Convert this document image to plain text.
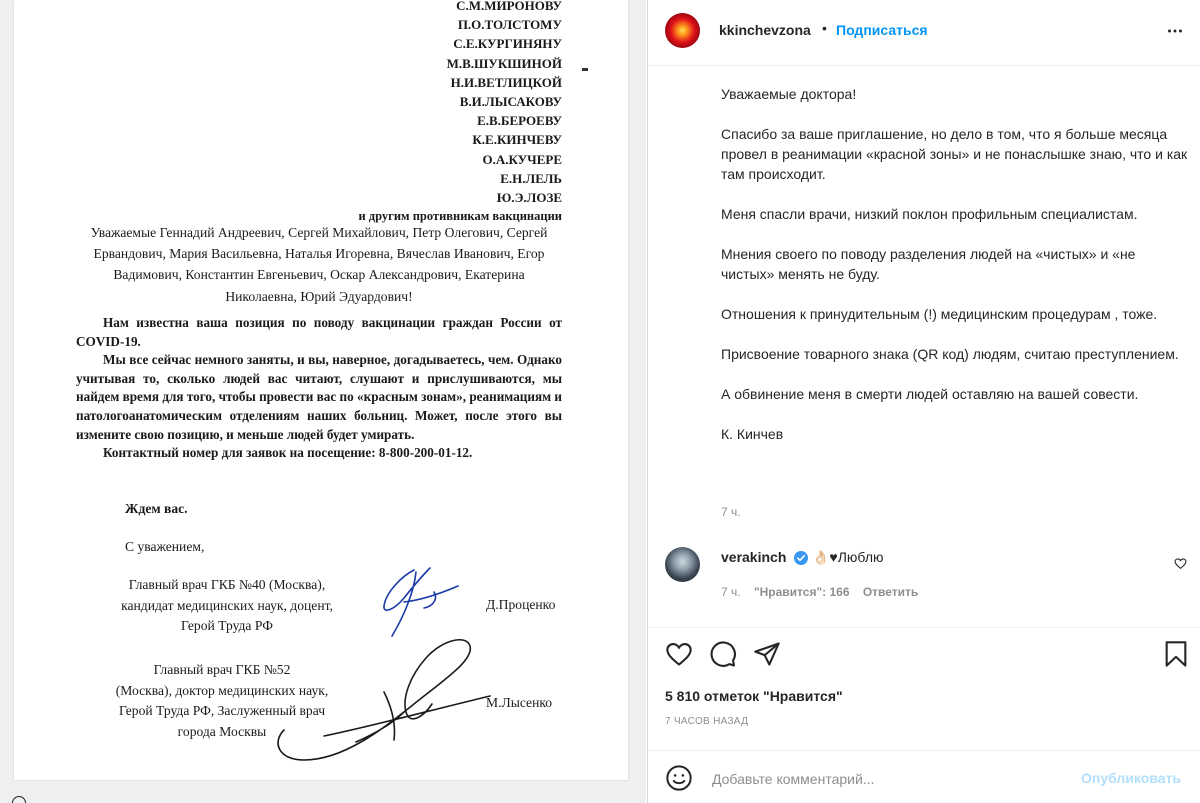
С.М.МИРОНОВУ
П.О.ТОЛСТОМУ
С.Е.КУРГИНЯНУ
М.В.ШУКШИНОЙ
Н.И.ВЕТЛИЦКОЙ
В.И.ЛЫСАКОВУ
Е.В.БЕРОЕВУ
К.Е.КИНЧЕВУ
О.А.КУЧЕРЕ
Е.Н.ЛЕЛЬ
Ю.Э.ЛОЗЕ
и другим противникам вакцинации
Уважаемые Геннадий Андреевич, Сергей Михайлович, Петр Олегович, Сергей Ервандович, Мария Васильевна, Наталья Игоревна, Вячеслав Иванович, Егор Вадимович, Константин Евгеньевич, Оскар Александрович, Екатерина Николаевна, Юрий Эдуардович!

Нам известна ваша позиция по поводу вакцинации граждан России от COVID-19.

Мы все сейчас немного заняты, и вы, наверное, догадываетесь, чем. Однако учитывая то, сколько людей вас читают, слушают и прислушиваются, мы найдем время для того, чтобы провести вас по «красным зонам», реанимациям и патологоанатомическим отделениям наших больниц. Может, после этого вы измените свою позицию, и меньше людей будет умирать.

Контактный номер для заявок на посещение: 8-800-200-01-12.

Ждем вас.
С уважением,
Главный врач ГКБ №40 (Москва),
кандидат медицинских наук, доцент,
Герой Труда РФ
Д.Проценко
Главный врач ГКБ №52
(Москва), доктор медицинских наук,
Герой Труда РФ, Заслуженный врач
города Москвы
М.Лысенко
kkinchevzona • Подписаться

Уважаемые доктора!

Спасибо за ваше приглашение, но дело в том, что я больше месяца провел в реанимации «красной зоны» и не понаслышке знаю, что и как там происходит.

Меня спасли врачи, низкий поклон профильным специалистам.

Мнения своего по поводу разделения людей на «чистых» и «не чистых» менять не буду.

Отношения к принудительным (!) медицинским процедурам , тоже.

Присвоение товарного знака (QR код) людям, считаю преступлением.

А обвинение меня в смерти людей оставляю на вашей совести.

К. Кинчев

7 ч.
verakinch 👌🏻♥Люблю
7 ч. "Нравится": 166 Ответить
5 810 отметок "Нравится"
7 ЧАСОВ НАЗАД
Добавьте комментарий...
Опубликовать
